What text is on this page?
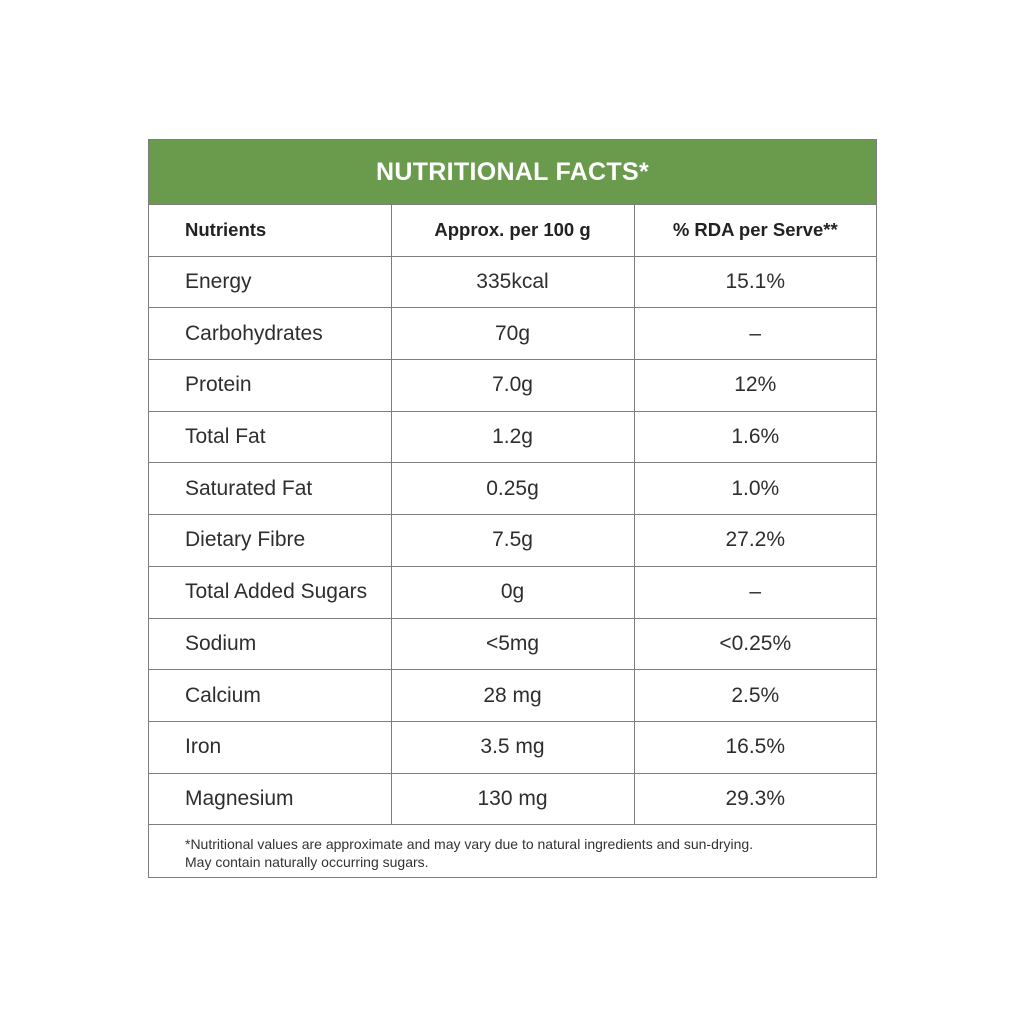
NUTRITIONAL FACTS*
Nutrients	Approx. per 100 g	% RDA per Serve**
Energy	335kcal	15.1%
Carbohydrates	70g	–
Protein	7.0g	12%
Total Fat	1.2g	1.6%
Saturated Fat	0.25g	1.0%
Dietary Fibre	7.5g	27.2%
Total Added Sugars	0g	–
Sodium	<5mg	<0.25%
Calcium	28 mg	2.5%
Iron	3.5 mg	16.5%
Magnesium	130 mg	29.3%
*Nutritional values are approximate and may vary due to natural ingredients and sun-drying.
May contain naturally occurring sugars.
